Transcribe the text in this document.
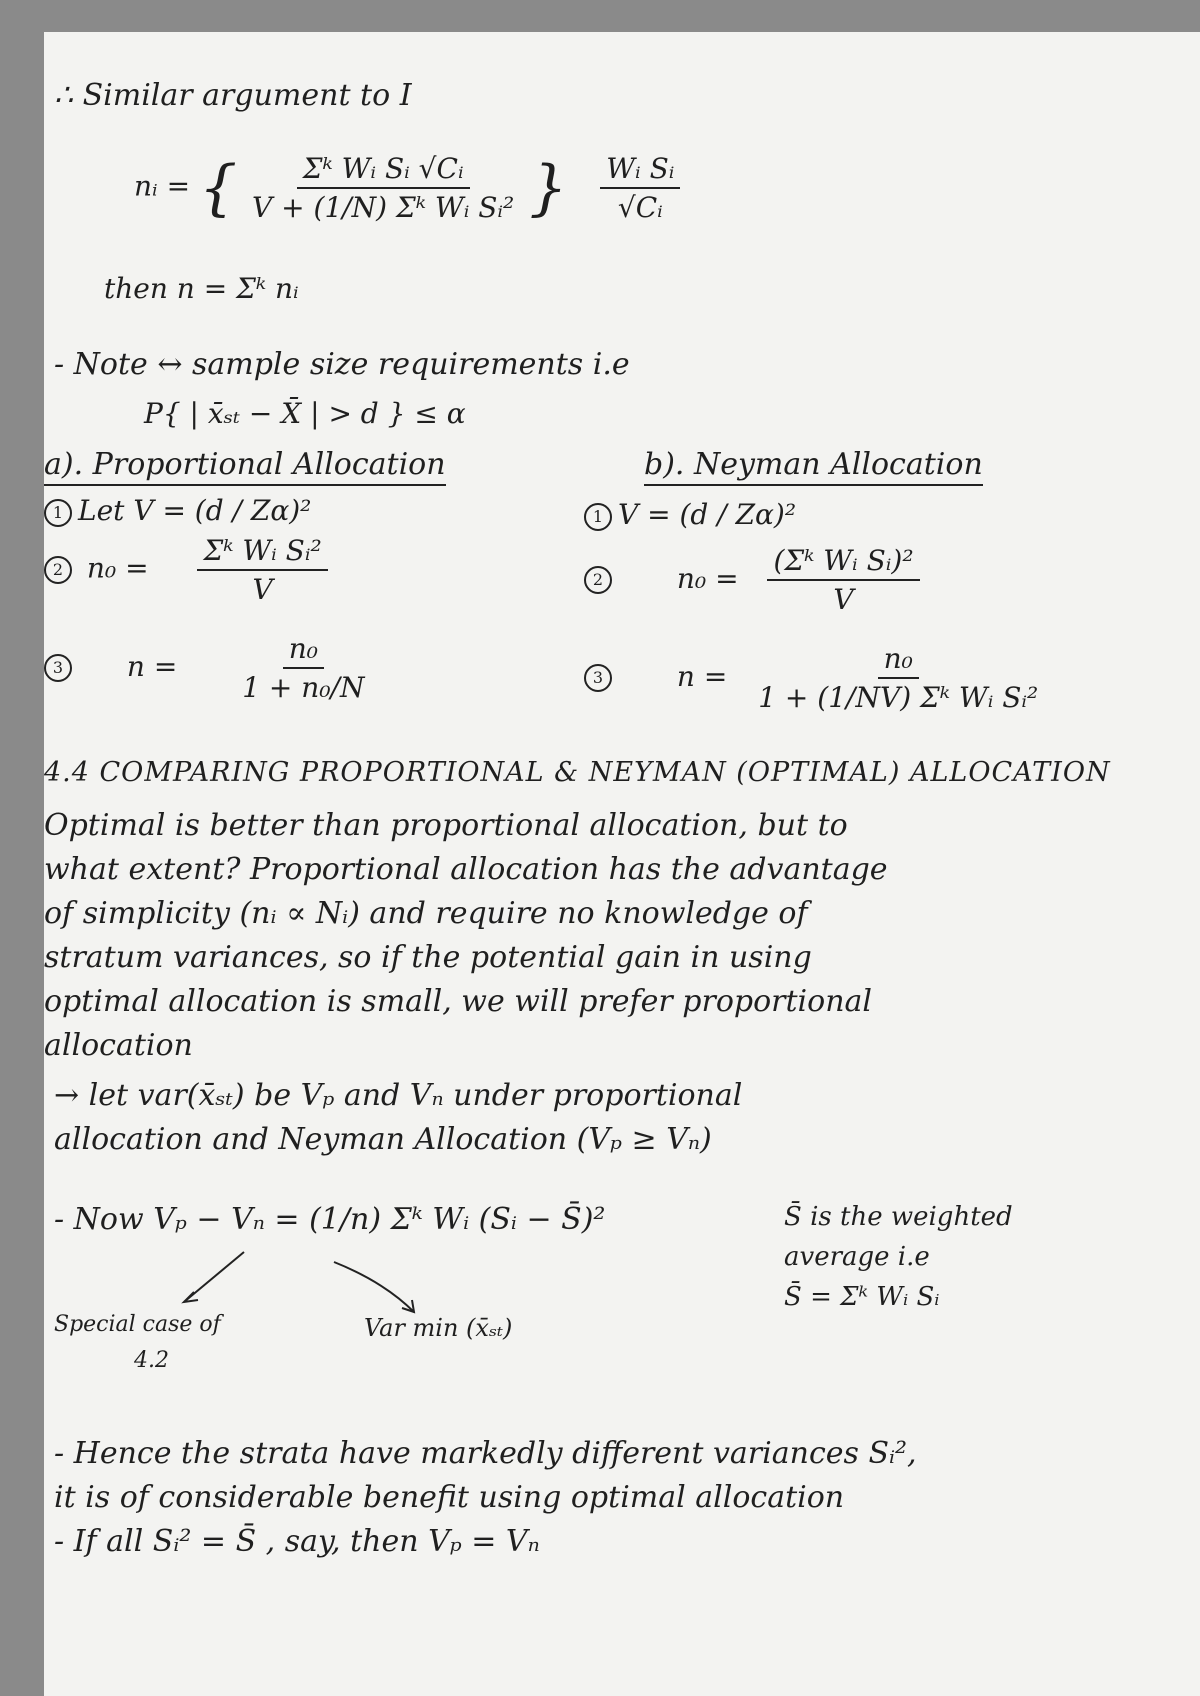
∴ Similar argument to I
nᵢ = { $\frac{\text{Σᵏ Wᵢ Sᵢ √Cᵢ}}{\text{V + (1/N) Σᵏ Wᵢ Sᵢ²}}$ } $\frac{\text{Wᵢ Sᵢ}}{\text{√Cᵢ}}$
then n = Σᵏ nᵢ
- Note ↔ sample size requirements i.e
P{ | x̄ₛₜ − X̄ | > d } ≤ α
a). Proportional Allocation
1 Let V = (d / Zα)²
2 $n_0 = \frac{\text{Σᵏ Wᵢ Sᵢ²}}{V}$
3 $n = \frac{\text{n₀}}{\text{1 + n₀/N}}$
b). Neyman Allocation
1 V = (d / Zα)²
2	$n_0 = \frac{\text{(Σᵏ Wᵢ Sᵢ)²}}{V}$
3	$n = \frac{\text{n₀}}{\text{1 + (1/NV) Σᵏ Wᵢ Sᵢ²}}$
4.4 COMPARING PROPORTIONAL & NEYMAN (OPTIMAL) ALLOCATION
Optimal is better than proportional allocation, but to
what extent? Proportional allocation has the advantage
of simplicity (nᵢ ∝ Nᵢ) and require no knowledge of
stratum variances, so if the potential gain in using
optimal allocation is small, we will prefer proportional
allocation
→ let var(x̄ₛₜ) be Vₚ and Vₙ under proportional
allocation and Neyman Allocation (Vₚ ≥ Vₙ)
- Now Vₚ − Vₙ = (1/n) Σᵏ Wᵢ (Sᵢ − S̄)²	S̄ is the weighted
average i.e
S̄ = Σᵏ Wᵢ Sᵢ
Special case of
4.2
Var min (x̄ₛₜ)
- Hence the strata have markedly different variances Sᵢ²,
it is of considerable benefit using optimal allocation
- If all Sᵢ² = S̄ , say, then Vₚ = Vₙ
